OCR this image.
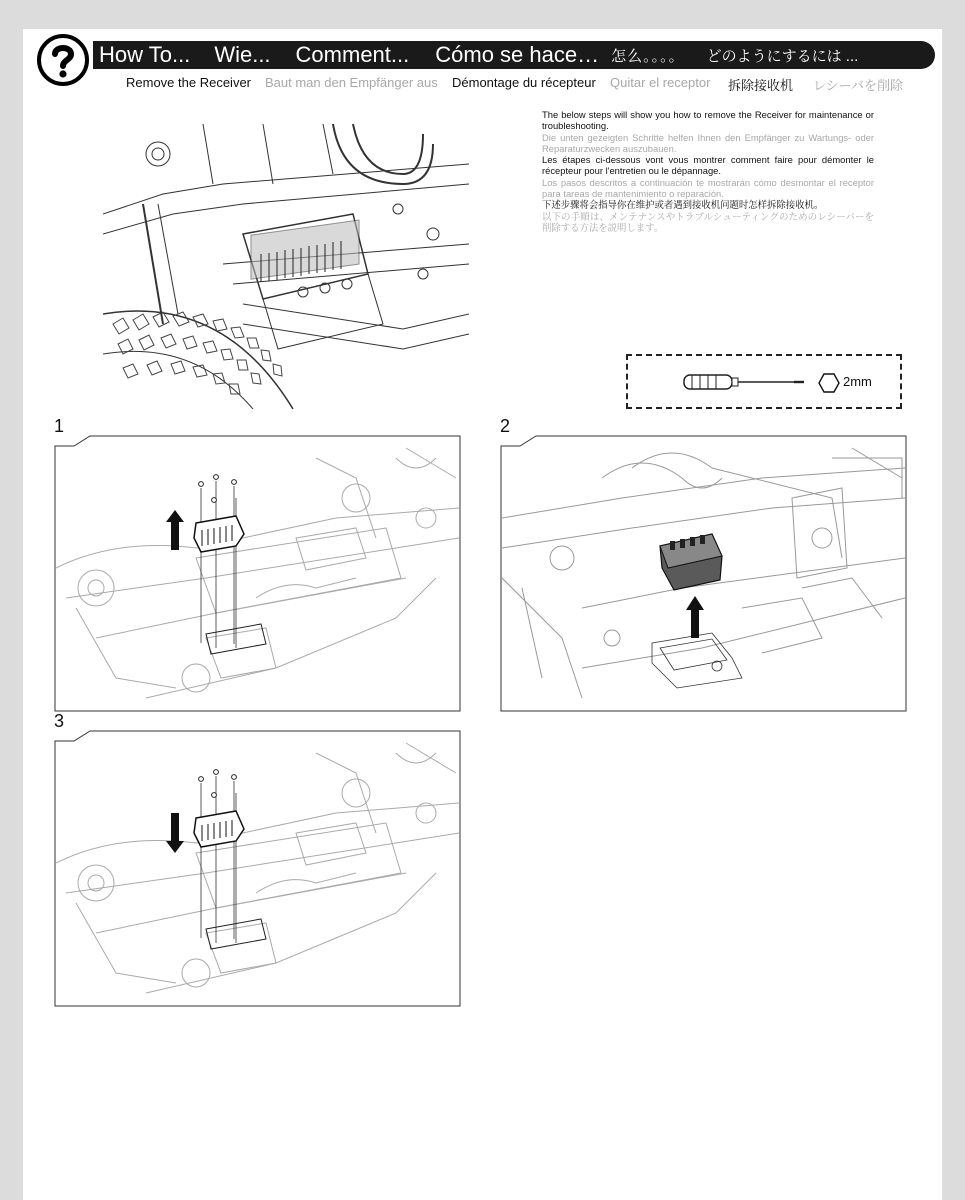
How To... Wie... Comment... Cómo se hace… 怎么。。。。 どのようにするには ...
Remove the Receiver Baut man den Empfänger aus Démontage du récepteur Quitar el receptor 拆除接收机 レシーバを削除

The below steps will show you how to remove the Receiver for maintenance or troubleshooting.

Die unten gezeigten Schritte helfen Ihnen den Empfänger zu Wartungs- oder Reparaturzwecken auszubauen.

Les étapes ci-dessous vont vous montrer comment faire pour démonter le récepteur pour l'entretien ou le dépannage.

Los pasos descritos a continuación te mostrarán cómo desmontar el receptor para tareas de mantenimiento o reparación.

下述步骤将会指导你在维护或者遇到接收机问题时怎样拆除接收机。

以下の手順は、メンテナンスやトラブルシューティングのためのレシーバーを削除する方法を説明します。

2mm
1	2
3
